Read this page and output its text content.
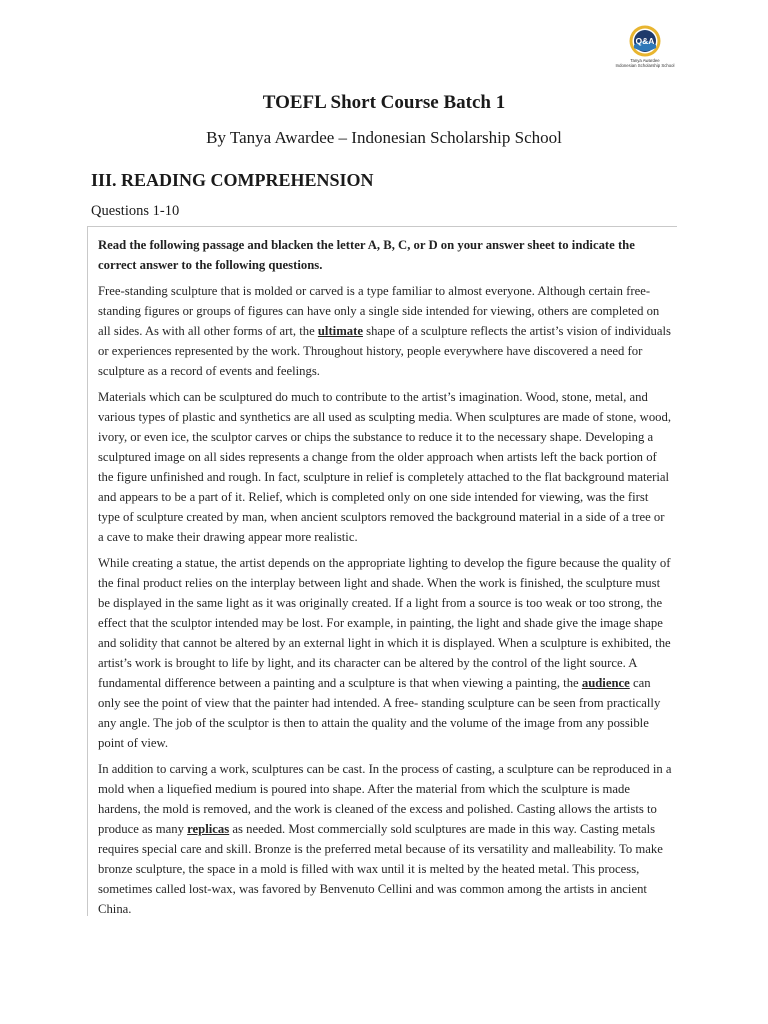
Q&A
Tanya Awardee
Indonesian Scholarship School
TOEFL Short Course Batch 1

By Tanya Awardee – Indonesian Scholarship School

III. READING COMPREHENSION

Questions 1-10

Read the following passage and blacken the letter A, B, C, or D on your answer sheet to indicate the correct answer to the following questions.

Free-standing sculpture that is molded or carved is a type familiar to almost everyone. Although certain free-standing figures or groups of figures can have only a single side intended for viewing, others are completed on all sides. As with all other forms of art, the ultimate shape of a sculpture reflects the artist’s vision of individuals or experiences represented by the work. Throughout history, people everywhere have discovered a need for sculpture as a record of events and feelings.

Materials which can be sculptured do much to contribute to the artist’s imagination. Wood, stone, metal, and various types of plastic and synthetics are all used as sculpting media. When sculptures are made of stone, wood, ivory, or even ice, the sculptor carves or chips the substance to reduce it to the necessary shape. Developing a sculptured image on all sides represents a change from the older approach when artists left the back portion of the figure unfinished and rough. In fact, sculpture in relief is completely attached to the flat background material and appears to be a part of it. Relief, which is completed only on one side intended for viewing, was the first type of sculpture created by man, when ancient sculptors removed the background material in a side of a tree or a cave to make their drawing appear more realistic.

While creating a statue, the artist depends on the appropriate lighting to develop the figure because the quality of the final product relies on the interplay between light and shade. When the work is finished, the sculpture must be displayed in the same light as it was originally created. If a light from a source is too weak or too strong, the effect that the sculptor intended may be lost. For example, in painting, the light and shade give the image shape and solidity that cannot be altered by an external light in which it is displayed. When a sculpture is exhibited, the artist’s work is brought to life by light, and its character can be altered by the control of the light source. A fundamental difference between a painting and a sculpture is that when viewing a painting, the audience can only see the point of view that the painter had intended. A free- standing sculpture can be seen from practically any angle. The job of the sculptor is then to attain the quality and the volume of the image from any possible point of view.

In addition to carving a work, sculptures can be cast. In the process of casting, a sculpture can be reproduced in a mold when a liquefied medium is poured into shape. After the material from which the sculpture is made hardens, the mold is removed, and the work is cleaned of the excess and polished. Casting allows the artists to produce as many replicas as needed. Most commercially sold sculptures are made in this way. Casting metals requires special care and skill. Bronze is the preferred metal because of its versatility and malleability. To make bronze sculpture, the space in a mold is filled with wax until it is melted by the heated metal. This process, sometimes called lost-wax, was favored by Benvenuto Cellini and was common among the artists in ancient China.
